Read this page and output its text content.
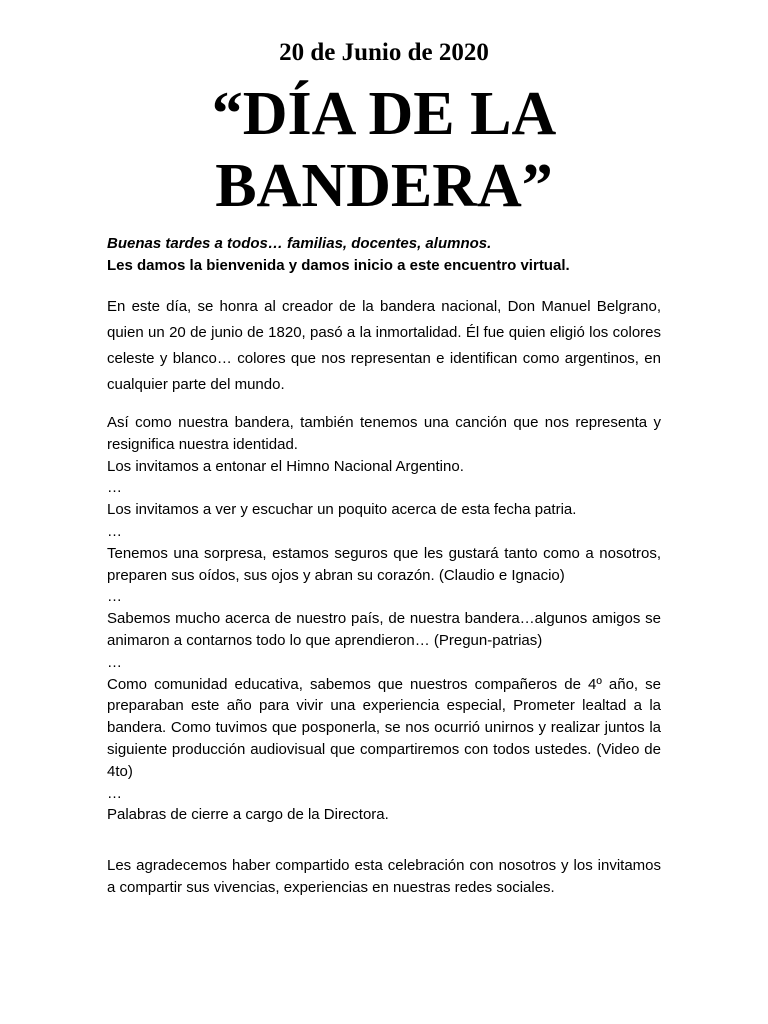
20 de Junio de 2020
“DÍA DE LA
BANDERA”
Buenas tardes a todos… familias, docentes, alumnos.
Les damos la bienvenida y damos inicio a este encuentro virtual.
En este día, se honra al creador de la bandera nacional, Don Manuel Belgrano, quien un 20 de junio de 1820, pasó a la inmortalidad. Él fue quien eligió los colores celeste y blanco… colores que nos representan e identifican como argentinos, en cualquier parte del mundo.
Así como nuestra bandera, también tenemos una canción que nos representa y resignifica nuestra identidad.
Los invitamos a entonar el Himno Nacional Argentino.
…
Los invitamos a ver y escuchar un poquito acerca de esta fecha patria.
…
Tenemos una sorpresa, estamos seguros que les gustará tanto como a nosotros, preparen sus oídos, sus ojos y abran su corazón. (Claudio e Ignacio)
…
Sabemos mucho acerca de nuestro país, de nuestra bandera…algunos amigos se animaron a contarnos todo lo que aprendieron… (Pregun-patrias)
…
Como comunidad educativa, sabemos que nuestros compañeros de 4º año, se preparaban este año para vivir una experiencia especial, Prometer lealtad a la bandera. Como tuvimos que posponerla, se nos ocurrió unirnos y realizar juntos la siguiente producción audiovisual que compartiremos con todos ustedes. (Video de 4to)
…
Palabras de cierre a cargo de la Directora.
Les agradecemos haber compartido esta celebración con nosotros y los invitamos a compartir sus vivencias, experiencias en nuestras redes sociales.
